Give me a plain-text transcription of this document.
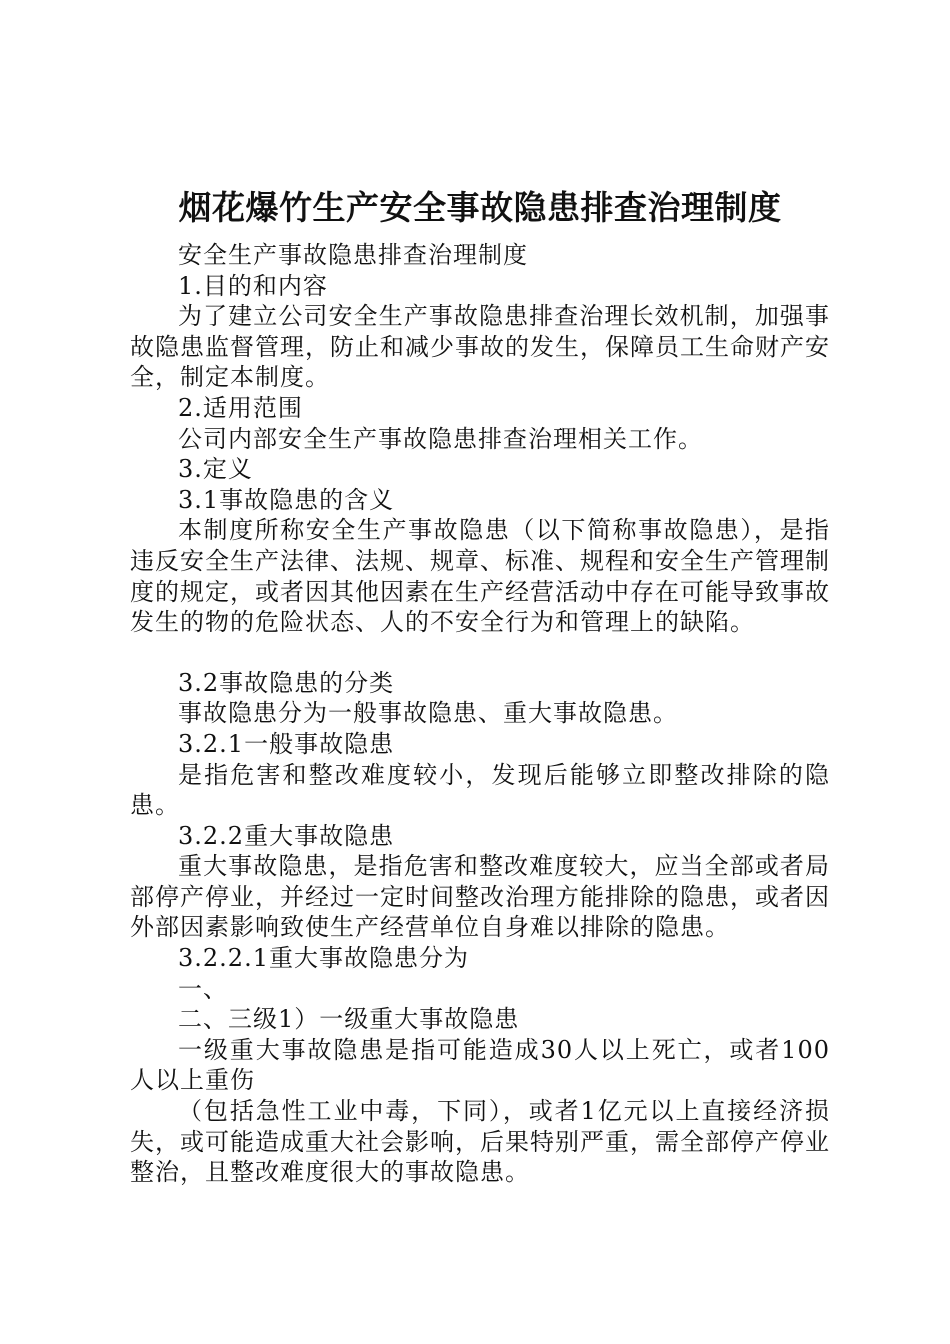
烟花爆竹生产安全事故隐患排查治理制度

安全生产事故隐患排查治理制度

1.目的和内容

为了建立公司安全生产事故隐患排查治理长效机制，加强事故隐患监督管理，防止和减少事故的发生，保障员工生命财产安全，制定本制度。

2.适用范围

公司内部安全生产事故隐患排查治理相关工作。

3.定义

3.1事故隐患的含义

本制度所称安全生产事故隐患（以下简称事故隐患），是指违反安全生产法律、法规、规章、标准、规程和安全生产管理制度的规定，或者因其他因素在生产经营活动中存在可能导致事故发生的物的危险状态、人的不安全行为和管理上的缺陷。

3.2事故隐患的分类

事故隐患分为一般事故隐患、重大事故隐患。

3.2.1一般事故隐患

是指危害和整改难度较小，发现后能够立即整改排除的隐患。

3.2.2重大事故隐患

重大事故隐患，是指危害和整改难度较大，应当全部或者局部停产停业，并经过一定时间整改治理方能排除的隐患，或者因外部因素影响致使生产经营单位自身难以排除的隐患。

3.2.2.1重大事故隐患分为

一、

二、三级1）一级重大事故隐患

一级重大事故隐患是指可能造成30人以上死亡，或者100人以上重伤

（包括急性工业中毒，下同），或者1亿元以上直接经济损失，或可能造成重大社会影响，后果特别严重，需全部停产停业整治，且整改难度很大的事故隐患。
